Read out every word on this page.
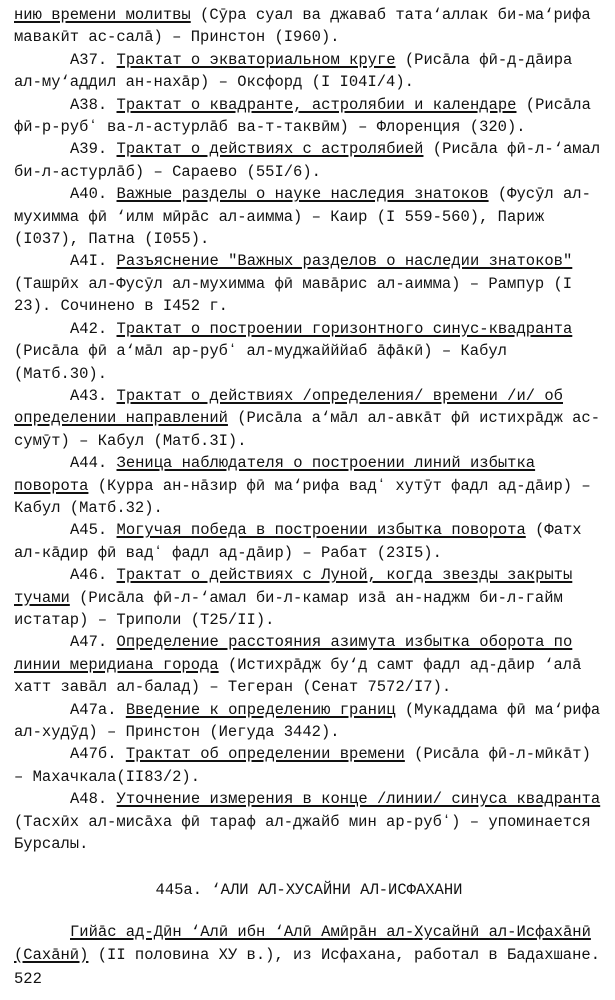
нию времени молитвы (Сӯра суал ва джаваб тата‘аллак би-ма‘рифа мавакӣт ас-салā) – Принстон (I960).

А37. Трактат о экваториальном круге (Рисāла фӣ-д-дāира ал-му‘аддил ан-нахāр) – Оксфорд (I I04I/4).

А38. Трактат о квадранте, астролябии и календаре (Рисāла фӣ-р-рубʻ ва-л-астурлāб ва-т-таквӣм) – Флоренция (320).

А39. Трактат о действиях с астролябией (Рисāла фӣ-л-‘амал би-л-астурлāб) – Сараево (55I/6).

А40. Важные разделы о науке наследия знатоков (Фусӯл ал-мухимма фӣ ‘илм мӣрāс ал-аимма) – Каир (I 559-560), Париж (I037), Патна (I055).

А4I. Разъяснение "Важных разделов о наследии знатоков" (Ташрӣх ал-Фусӯл ал-мухимма фӣ мавāрис ал-аимма) – Рампур (I 23). Сочинено в I452 г.

А42. Трактат о построении горизонтного синус-квадранта (Рисāла фӣ а‘мāл ар-рубʻ ал-муджайййаб āфāкӣ) – Кабул (Матб.30).

А43. Трактат о действиях /определения/ времени /и/ об определении направлений (Рисāла а‘мāл ал-авкāт фӣ истихрāдж ас-сумӯт) – Кабул (Матб.3I).

А44. Зеница наблюдателя о построении линий избытка поворота (Курра ан-нāзир фӣ ма‘рифа вадʻ хутӯт фадл ад-дāир) – Кабул (Матб.32).

А45. Могучая победа в построении избытка поворота (Фатх ал-кāдир фӣ вадʻ фадл ад-дāир) – Рабат (23I5).

А46. Трактат о действиях с Луной, когда звезды закрыты тучами (Рисāла фӣ-л-‘амал би-л-камар изā ан-наджм би-л-гайм истатар) – Триполи (Т25/II).

А47. Определение расстояния азимута избытка оборота по линии меридиана города (Истихрāдж бу‘д самт фадл ад-дāир ‘алā хатт завāл ал-балад) – Тегеран (Сенат 7572/I7).

А47а. Введение к определению границ (Мукаддама фӣ ма‘рифа ал-худӯд) – Принстон (Иегуда 3442).

А47б. Трактат об определении времени (Рисāла фӣ-л-мӣкāт) – Махачкала(II83/2).

А48. Уточнение измерения в конце /линии/ синуса квадранта (Тасхӣх ал-мисāха фӣ тараф ал-джайб мин ар-рубʻ) – упоминается Бурсалы.

445а. ‘АЛИ АЛ-ХУСАЙНИ АЛ-ИСФАХАНИ

Гийāс ад-Дӣн ‘Алӣ ибн ‘Алӣ Амӣрāн ал-Хусайнӣ ал-Исфахāнӣ (Сахāнӣ) (II половина ХУ в.), из Исфахана, работал в Бадахшане.

522
